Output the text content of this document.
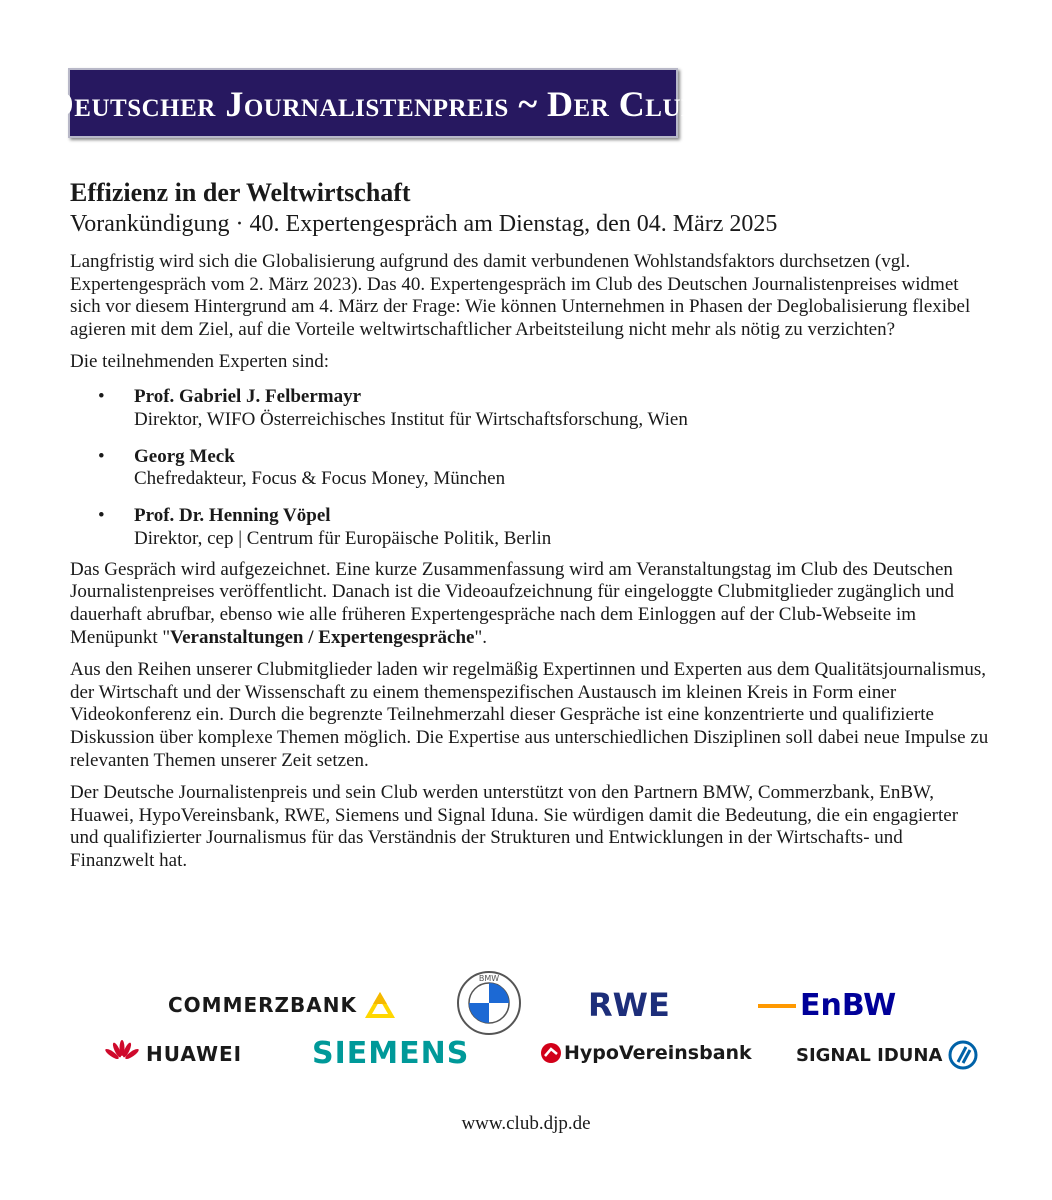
Deutscher Journalistenpreis ~ Der Club
Effizienz in der Weltwirtschaft
Vorankündigung · 40. Expertengespräch am Dienstag, den 04. März 2025

Langfristig wird sich die Globalisierung aufgrund des damit verbundenen Wohlstandsfaktors durchsetzen (vgl. Expertengespräch vom 2. März 2023). Das 40. Expertengespräch im Club des Deutschen Journalistenpreises widmet sich vor diesem Hintergrund am 4. März der Frage: Wie können Unternehmen in Phasen der Deglobalisierung flexibel agieren mit dem Ziel, auf die Vorteile weltwirtschaftlicher Arbeitsteilung nicht mehr als nötig zu verzichten?

Die teilnehmenden Experten sind:

• Prof. Gabriel J. Felbermayr
Direktor, WIFO Österreichisches Institut für Wirtschaftsforschung, Wien
• Georg Meck
Chefredakteur, Focus & Focus Money, München
• Prof. Dr. Henning Vöpel
Direktor, cep | Centrum für Europäische Politik, Berlin

Das Gespräch wird aufgezeichnet. Eine kurze Zusammenfassung wird am Veranstaltungstag im Club des Deutschen Journalistenpreises veröffentlicht. Danach ist die Videoaufzeichnung für eingeloggte Clubmitglieder zugänglich und dauerhaft abrufbar, ebenso wie alle früheren Expertengespräche nach dem Einloggen auf der Club-Webseite im Menüpunkt "Veranstaltungen / Expertengespräche".

Aus den Reihen unserer Clubmitglieder laden wir regelmäßig Expertinnen und Experten aus dem Qualitätsjournalismus, der Wirtschaft und der Wissenschaft zu einem themenspezifischen Austausch im kleinen Kreis in Form einer Videokonferenz ein. Durch die begrenzte Teilnehmerzahl dieser Gespräche ist eine konzentrierte und qualifizierte Diskussion über komplexe Themen möglich. Die Expertise aus unterschiedlichen Disziplinen soll dabei neue Impulse zu relevanten Themen unserer Zeit setzen.

Der Deutsche Journalistenpreis und sein Club werden unterstützt von den Partnern BMW, Commerzbank, EnBW, Huawei, HypoVereinsbank, RWE, Siemens und Signal Iduna. Sie würdigen damit die Bedeutung, die ein engagierter und qualifizierter Journalismus für das Verständnis der Strukturen und Entwicklungen in der Wirtschafts- und Finanzwelt hat.

COMMERZBANK
BMW
RWE	EnBW
HUAWEI SIEMENS	HypoVereinsbank SIGNAL IDUNA
www.club.djp.de
